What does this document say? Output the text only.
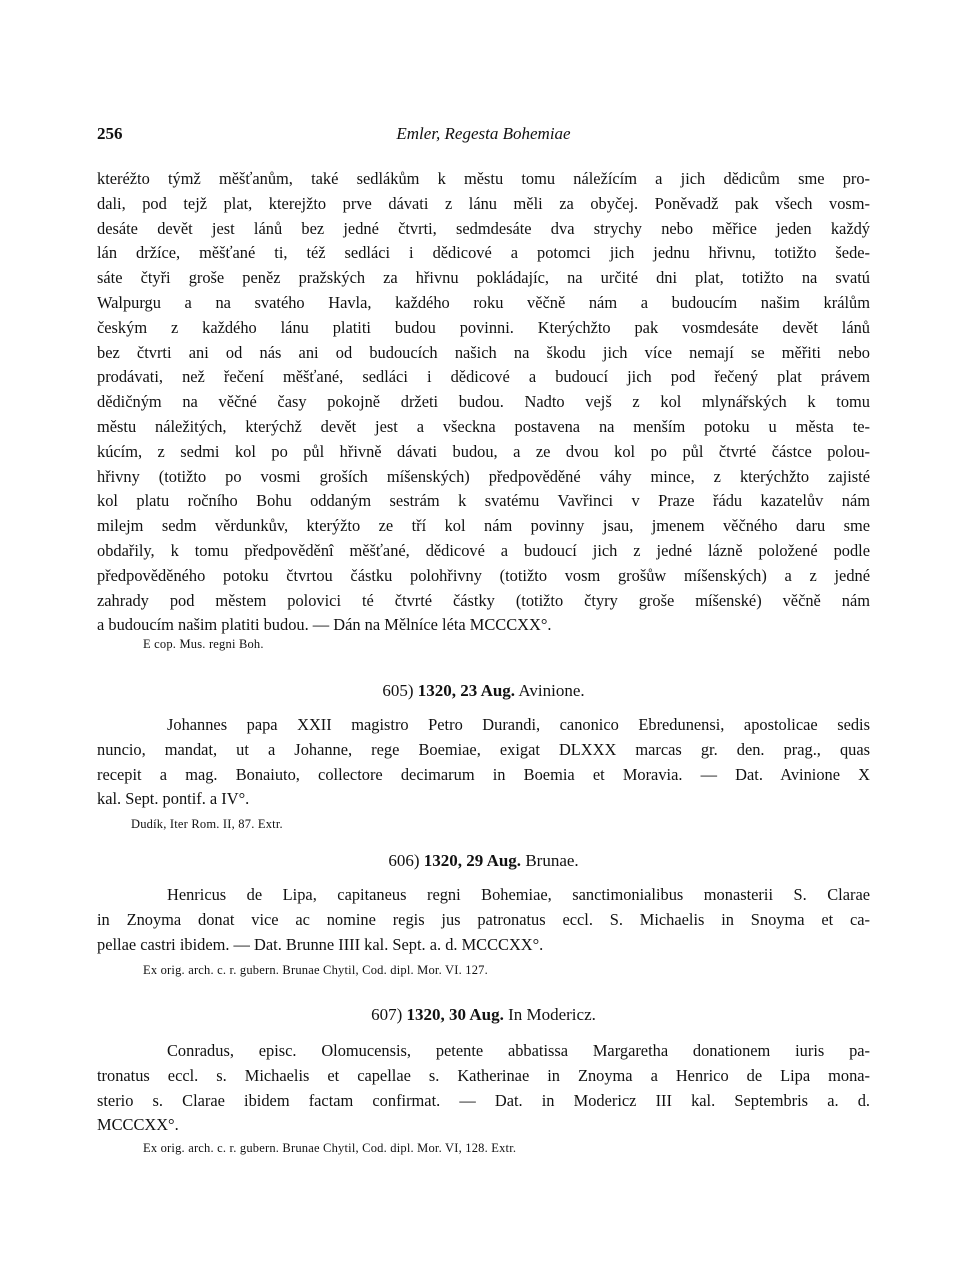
256	Emler, Regesta Bohemiae
kteréžto týmž měšťanům, také sedlákům k městu tomu náležícím a jich dědicům sme pro-
dali, pod tejž plat, kterejžto prve dávati z lánu měli za obyčej. Poněvadž pak všech vosm-
desáte devět jest lánů bez jedné čtvrti, sedmdesáte dva strychy nebo měřice jeden každý
lán držíce, měšťané ti, též sedláci i dědicové a potomci jich jednu hřivnu, totižto šede-
sáte čtyři groše peněz pražských za hřivnu pokládajíc, na určité dni plat, totižto na svatú
Walpurgu a na svatého Havla, každého roku věčně nám a budoucím našim králům
českým z každého lánu platiti budou povinni. Kterýchžto pak vosmdesáte devět lánů
bez čtvrti ani od nás ani od budoucích našich na škodu jich více nemají se měřiti nebo
prodávati, než řečení měšťané, sedláci i dědicové a budoucí jich pod řečený plat právem
dědičným na věčné časy pokojně držeti budou. Nadto vejš z kol mlynářských k tomu
městu náležitých, kterýchž devět jest a všeckna postavena na menším potoku u města te-
kúcím, z sedmi kol po půl hřivně dávati budou, a ze dvou kol po půl čtvrté částce polou-
hřivny (totižto po vosmi groších míšenských) předpověděné váhy mince, z kterýchžto zajisté
kol platu ročního Bohu oddaným sestrám k svatému Vavřinci v Praze řádu kazatelův nám
milejm sedm věrdunkův, kterýžto ze tří kol nám povinny jsau, jmenem věčného daru sme
obdařily, k tomu předpověděnî měšťané, dědicové a budoucí jich z jedné lázně položené podle
předpověděného potoku čtvrtou částku polohřivny (totižto vosm grošůw míšenských) a z jedné
zahrady pod městem polovici té čtvrté částky (totižto čtyry groše míšenské) věčně nám
a budoucím našim platiti budou. — Dán na Mělníce léta MCCCXX°.
E cop. Mus. regni Boh.
605) 1320, 23 Aug. Avinione.
Johannes papa XXII magistro Petro Durandi, canonico Ebredunensi, apostolicae sedis
nuncio, mandat, ut a Johanne, rege Boemiae, exigat DLXXX marcas gr. den. prag., quas
recepit a mag. Bonaiuto, collectore decimarum in Boemia et Moravia. — Dat. Avinione X
kal. Sept. pontif. a IV°.
Dudík, Iter Rom. II, 87. Extr.
606) 1320, 29 Aug. Brunae.
Henricus de Lipa, capitaneus regni Bohemiae, sanctimonialibus monasterii S. Clarae
in Znoyma donat vice ac nomine regis jus patronatus eccl. S. Michaelis in Snoyma et ca-
pellae castri ibidem. — Dat. Brunne IIII kal. Sept. a. d. MCCCXX°.
Ex orig. arch. c. r. gubern. Brunae Chytil, Cod. dipl. Mor. VI. 127.
607) 1320, 30 Aug. In Modericz.
Conradus, episc. Olomucensis, petente abbatissa Margaretha donationem iuris pa-
tronatus eccl. s. Michaelis et capellae s. Katherinae in Znoyma a Henrico de Lipa mona-
sterio s. Clarae ibidem factam confirmat. — Dat. in Modericz III kal. Septembris a. d.
MCCCXX°.
Ex orig. arch. c. r. gubern. Brunae Chytil, Cod. dipl. Mor. VI, 128. Extr.
